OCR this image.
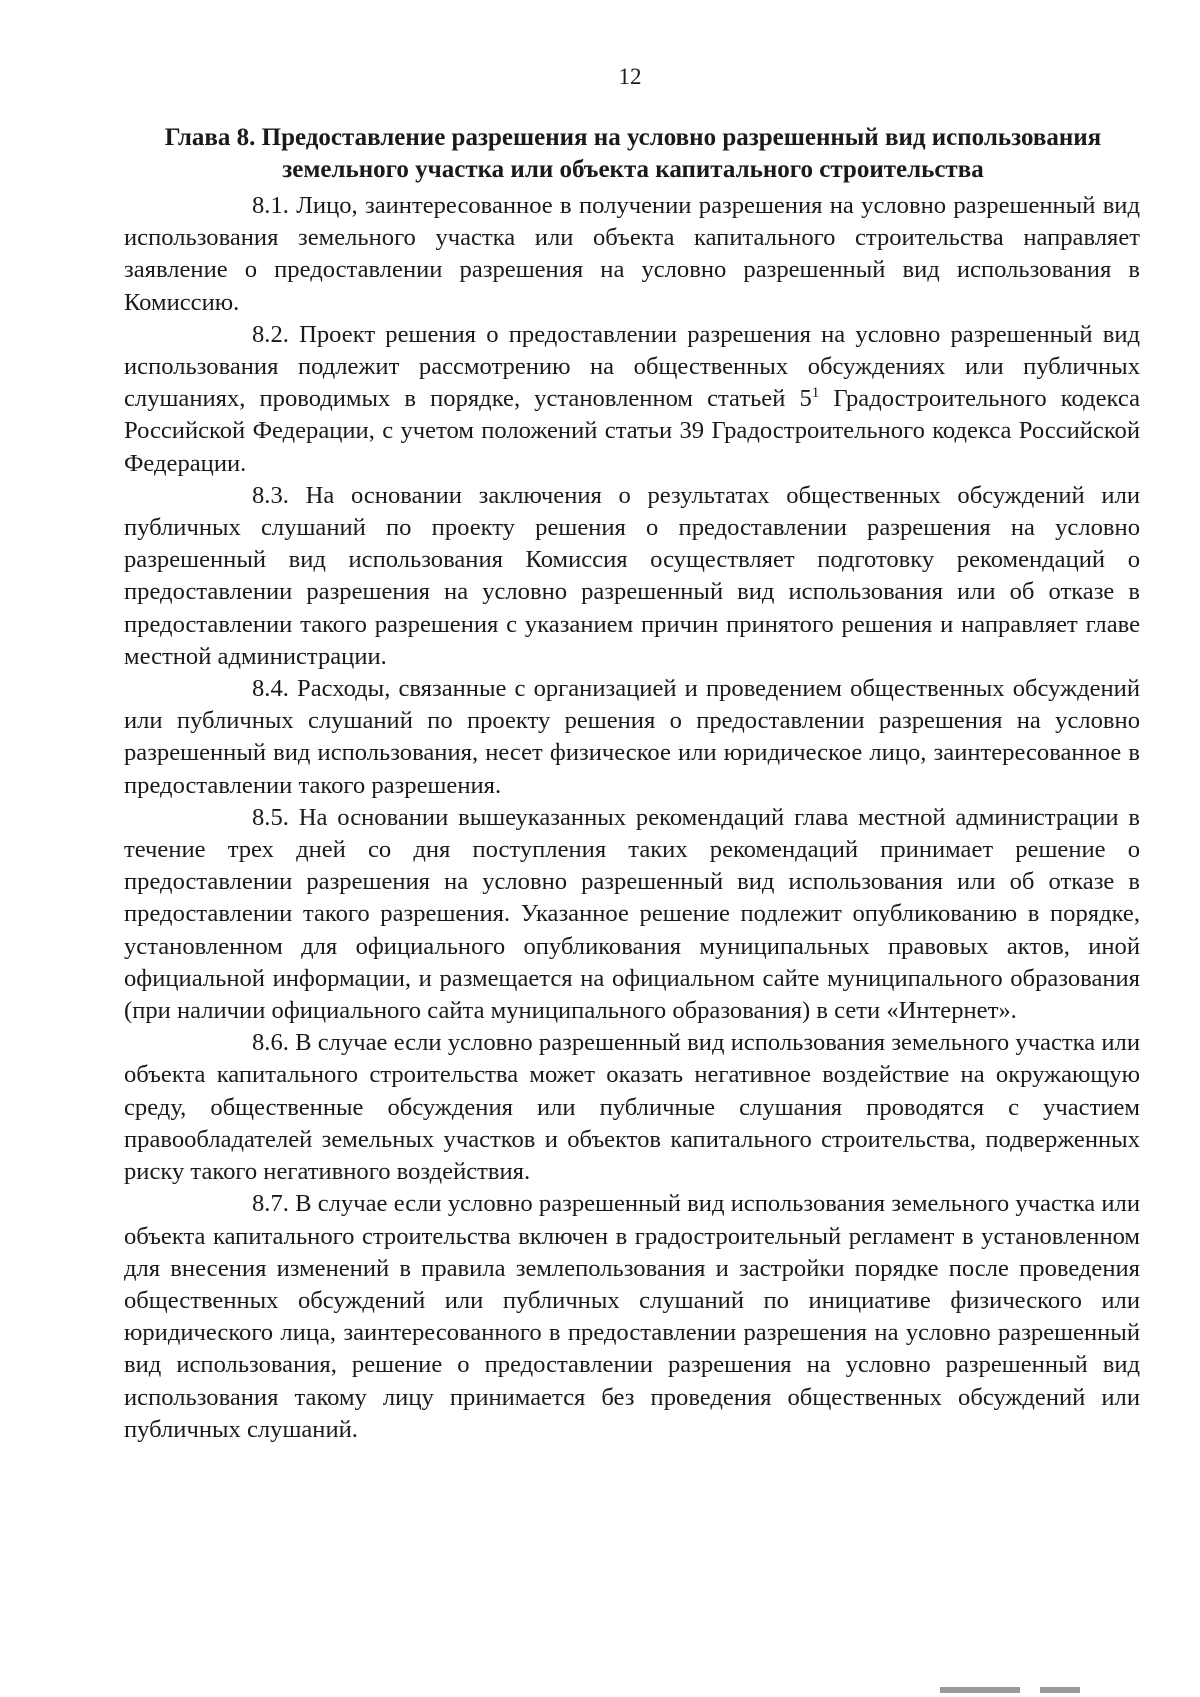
12
Глава 8. Предоставление разрешения на условно разрешенный вид использования земельного участка или объекта капитального строительства

8.1. Лицо, заинтересованное в получении разрешения на условно разрешенный вид использования земельного участка или объекта капитального строительства направляет заявление о предоставлении разрешения на условно разрешенный вид использования в Комиссию.

8.2. Проект решения о предоставлении разрешения на условно разрешенный вид использования подлежит рассмотрению на общественных обсуждениях или публичных слушаниях, проводимых в порядке, установленном статьей $5^1$ Градостроительного кодекса Российской Федерации, с учетом положений статьи 39 Градостроительного кодекса Российской Федерации.

8.3. На основании заключения о результатах общественных обсуждений или публичных слушаний по проекту решения о предоставлении разрешения на условно разрешенный вид использования Комиссия осуществляет подготовку рекомендаций о предоставлении разрешения на условно разрешенный вид использования или об отказе в предоставлении такого разрешения с указанием причин принятого решения и направляет главе местной администрации.

8.4. Расходы, связанные с организацией и проведением общественных обсуждений или публичных слушаний по проекту решения о предоставлении разрешения на условно разрешенный вид использования, несет физическое или юридическое лицо, заинтересованное в предоставлении такого разрешения.

8.5. На основании вышеуказанных рекомендаций глава местной администрации в течение трех дней со дня поступления таких рекомендаций принимает решение о предоставлении разрешения на условно разрешенный вид использования или об отказе в предоставлении такого разрешения. Указанное решение подлежит опубликованию в порядке, установленном для официального опубликования муниципальных правовых актов, иной официальной информации, и размещается на официальном сайте муниципального образования (при наличии официального сайта муниципального образования) в сети «Интернет».

8.6. В случае если условно разрешенный вид использования земельного участка или объекта капитального строительства может оказать негативное воздействие на окружающую среду, общественные обсуждения или публичные слушания проводятся с участием правообладателей земельных участков и объектов капитального строительства, подверженных риску такого негативного воздействия.

8.7. В случае если условно разрешенный вид использования земельного участка или объекта капитального строительства включен в градостроительный регламент в установленном для внесения изменений в правила землепользования и застройки порядке после проведения общественных обсуждений или публичных слушаний по инициативе физического или юридического лица, заинтересованного в предоставлении разрешения на условно разрешенный вид использования, решение о предоставлении разрешения на условно разрешенный вид использования такому лицу принимается без проведения общественных обсуждений или публичных слушаний.
